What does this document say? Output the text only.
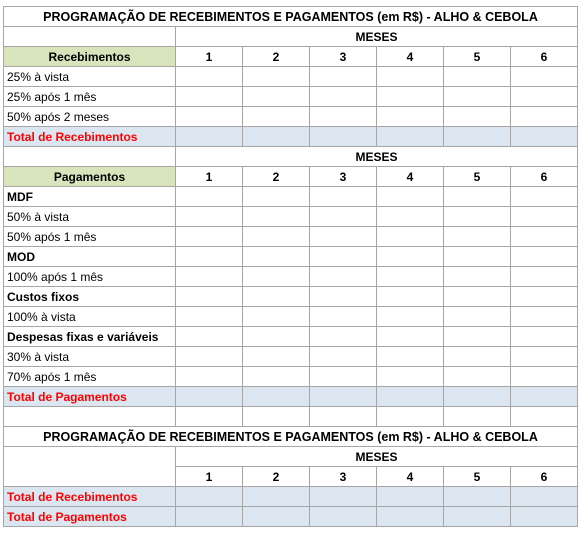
PROGRAMAÇÃO DE RECEBIMENTOS E PAGAMENTOS (em R$) - ALHO & CEBOLA						
	MESES					
Recebimentos	1	2	3	4	5	6
25% à vista						
25% após 1 mês						
50% após 2 meses						
Total de Recebimentos						
	MESES					
Pagamentos	1	2	3	4	5	6
MDF						
50% à vista						
50% após 1 mês						
MOD						
100% após 1 mês						
Custos fixos						
100% à vista						
Despesas fixas e variáveis						
30% à vista						
70% após 1 mês						
Total de Pagamentos						

PROGRAMAÇÃO DE RECEBIMENTOS E PAGAMENTOS (em R$) - ALHO & CEBOLA						
	MESES					
	1	2	3	4	5	6
Total de Recebimentos						
Total de Pagamentos						
